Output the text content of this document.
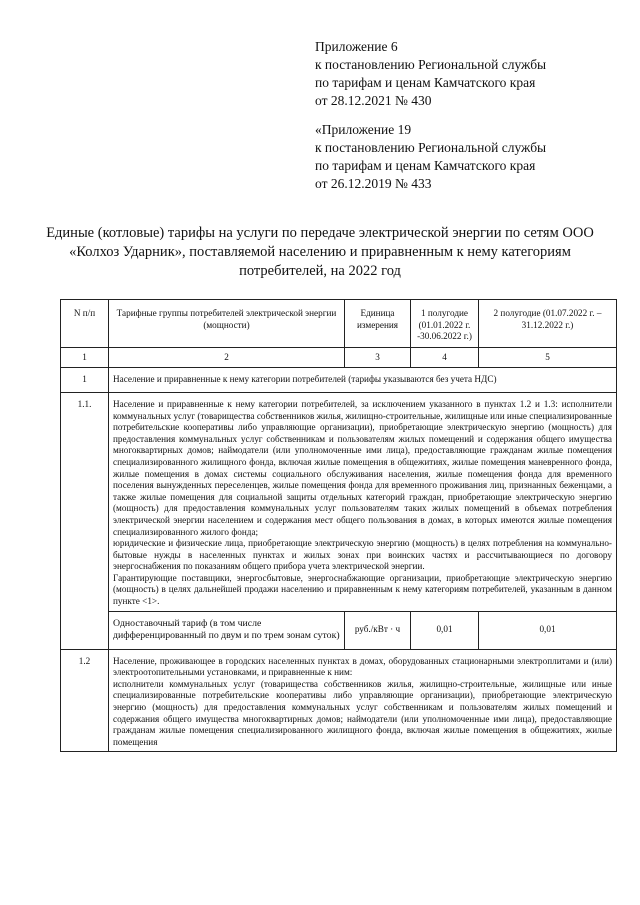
Приложение 6
к постановлению Региональной службы
по тарифам и ценам Камчатского края
от 28.12.2021 № 430
«Приложение 19
к постановлению Региональной службы
по тарифам и ценам Камчатского края
от 26.12.2019 № 433
Единые (котловые) тарифы на услуги по передаче электрической энергии по сетям ООО «Колхоз Ударник», поставляемой населению и приравненным к нему категориям потребителей, на 2022 год
N п/п	Тарифные группы потребителей электрической энергии (мощности)	Единица измерения	1 полугодие (01.01.2022 г. -30.06.2022 г.)	2 полугодие (01.07.2022 г. – 31.12.2022 г.)
1	2	3	4	5
1	Население и приравненные к нему категории потребителей (тарифы указываются без учета НДС)			
1.1.	Население и приравненные к нему категории потребителей, за исключением указанного в пунктах 1.2 и 1.3: исполнители коммунальных услуг (товарищества собственников жилья, жилищно-строительные, жилищные или иные специализированные потребительские кооперативы либо управляющие организации), приобретающие электрическую энергию (мощность) для предоставления коммунальных услуг собственникам и пользователям жилых помещений и содержания общего имущества многоквартирных домов; наймодатели (или уполномоченные ими лица), предоставляющие гражданам жилые помещения специализированного жилищного фонда, включая жилые помещения в общежитиях, жилые помещения маневренного фонда, жилые помещения в домах системы социального обслуживания населения, жилые помещения фонда для временного поселения вынужденных переселенцев, жилые помещения фонда для временного проживания лиц, признанных беженцами, а также жилые помещения для социальной защиты отдельных категорий граждан, приобретающие электрическую энергию (мощность) для предоставления коммунальных услуг пользователям таких жилых помещений в объемах потребления электрической энергии населением и содержания мест общего пользования в домах, в которых имеются жилые помещения специализированного жилого фонда;
юридические и физические лица, приобретающие электрическую энергию (мощность) в целях потребления на коммунально-бытовые нужды в населенных пунктах и жилых зонах при воинских частях и рассчитывающиеся по договору энергоснабжения по показаниям общего прибора учета электрической энергии.
Гарантирующие поставщики, энергосбытовые, энергоснабжающие организации, приобретающие электрическую энергию (мощность) в целях дальнейшей продажи населению и приравненным к нему категориям потребителей, указанным в данном пункте <1>.			

	Одноставочный тариф (в том числе дифференцированный по двум и по трем зонам суток)	руб./кВт · ч	0,01	0,01
1.2	Население, проживающее в городских населенных пунктах в домах, оборудованных стационарными электроплитами и (или) электроотопительными установками, и приравненные к ним:
исполнители коммунальных услуг (товарищества собственников жилья, жилищно-строительные, жилищные или иные специализированные потребительские кооперативы либо управляющие организации), приобретающие электрическую энергию (мощность) для предоставления коммунальных услуг собственникам и пользователям жилых помещений и содержания общего имущества многоквартирных домов; наймодатели (или уполномоченные ими лица), предоставляющие гражданам жилые помещения специализированного жилищного фонда, включая жилые помещения в общежитиях, жилые помещения			
